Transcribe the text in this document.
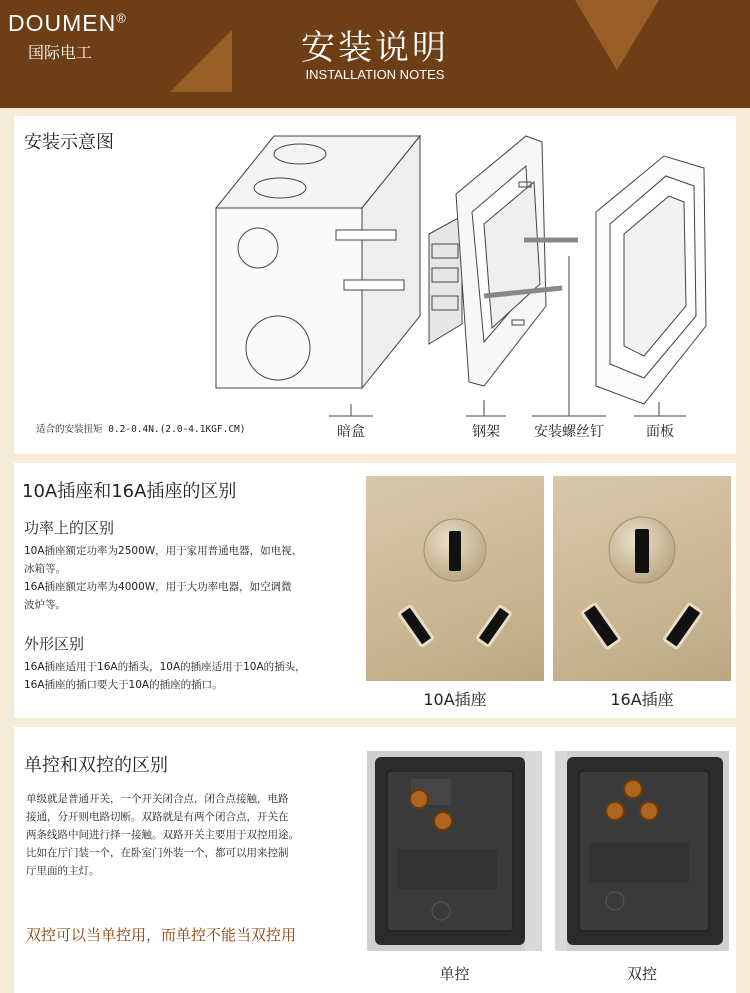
DOUMEN®
国际电工	安装说明
INSTALLATION NOTES
安装示意图
适合的安装扭矩 0.2-0.4N.(2.0-4.1KGF.CM)	暗盒	钢架	安装螺丝钉	面板
10A插座和16A插座的区别
功率上的区别
10A插座额定功率为2500W，用于家用普通电器，如电视、
冰箱等。
16A插座额定功率为4000W，用于大功率电器，如空调微
波炉等。
外形区别
16A插座适用于16A的插头，10A的插座适用于10A的插头，
16A插座的插口要大于10A的插座的插口。
10A插座	16A插座
单控和双控的区别
单级就是普通开关，一个开关闭合点，闭合点接触，电路
接通，分开则电路切断。双路就是有两个闭合点，开关在
两条线路中间进行择一接触。双路开关主要用于双控用途。
比如在厅门装一个，在卧室门外装一个，都可以用来控制
厅里面的主灯。
双控可以当单控用，而单控不能当双控用
单控	双控
